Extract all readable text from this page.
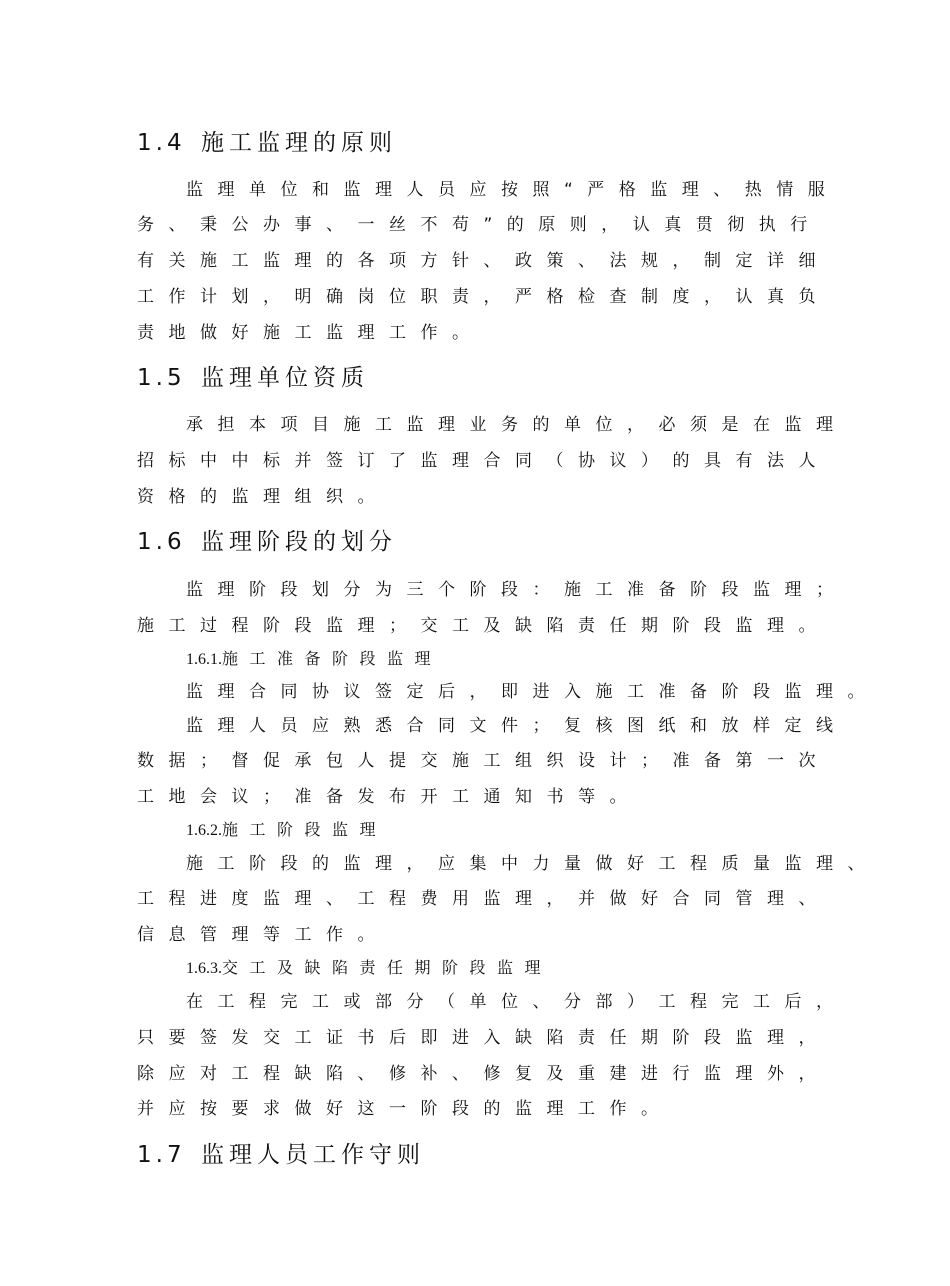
1.4 施工监理的原则
监理单位和监理人员应按照“严格监理、热情服
务、秉公办事、一丝不苟”的原则，认真贯彻执行
有关施工监理的各项方针、政策、法规，制定详细
工作计划，明确岗位职责，严格检查制度，认真负
责地做好施工监理工作。
1.5 监理单位资质
承担本项目施工监理业务的单位，必须是在监理
招标中中标并签订了监理合同（协议）的具有法人
资格的监理组织。
1.6 监理阶段的划分
监理阶段划分为三个阶段：施工准备阶段监理；
施工过程阶段监理；交工及缺陷责任期阶段监理。
1.6.1.施工准备阶段监理
监理合同协议签定后，即进入施工准备阶段监理。
监理人员应熟悉合同文件；复核图纸和放样定线
数据；督促承包人提交施工组织设计；准备第一次
工地会议；准备发布开工通知书等。
1.6.2.施工阶段监理
施工阶段的监理，应集中力量做好工程质量监理、
工程进度监理、工程费用监理，并做好合同管理、
信息管理等工作。
1.6.3.交工及缺陷责任期阶段监理
在工程完工或部分（单位、分部）工程完工后，
只要签发交工证书后即进入缺陷责任期阶段监理，
除应对工程缺陷、修补、修复及重建进行监理外，
并应按要求做好这一阶段的监理工作。
1.7 监理人员工作守则
